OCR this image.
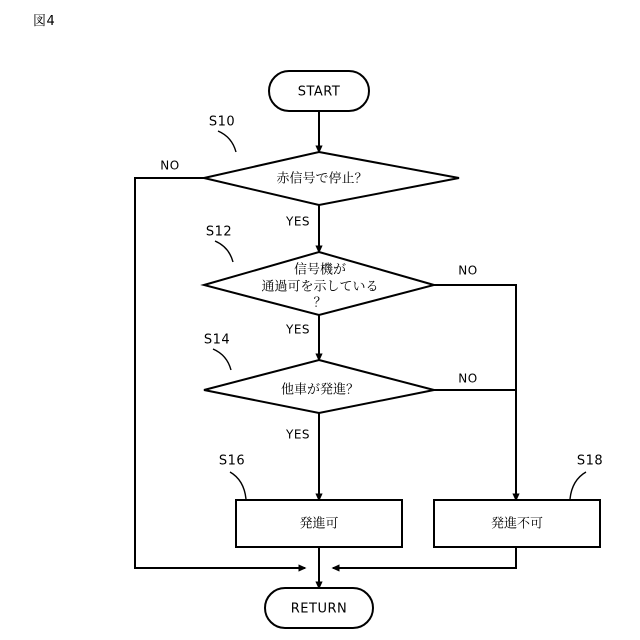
図4
START
赤信号で停止？
信号機が
通過可を示している
？
他車が発進？
発進可	発進不可
RETURN
NO
YES
NO
YES
NO
YES
S10
S12
S14
S16	S18
